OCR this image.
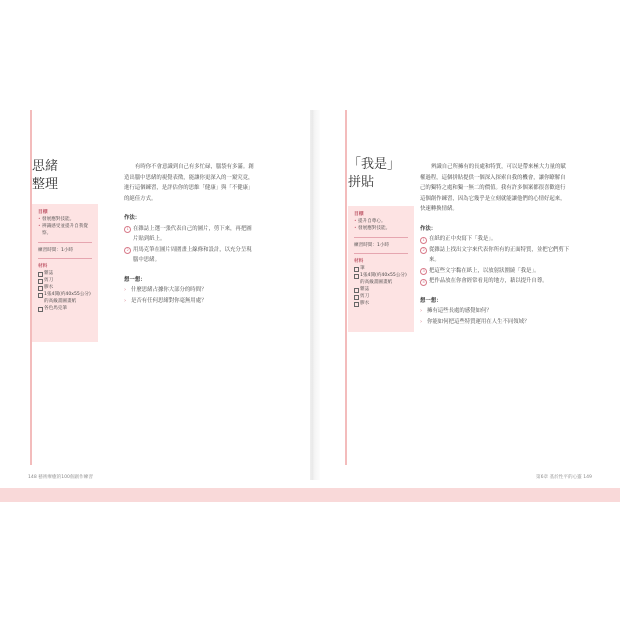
思緒
整理
目標
• 發展應對技能。
• 辨識感受並提升自我覺察。
練習時間：1小時
材料
雜誌
剪刀
膠水
1張4開(約40x55公分)的高級畫圖畫紙
各色馬克筆

有時你不會意識到自己有多忙碌，腦袋有多滿。創造出腦中思緒的視覺表徵，能讓你更深入的一窺究竟，進行這個練習，是評估你的思維「健康」與「不健康」的絕佳方式。

作法：
1 在雜誌上選一張代表自己的圖片，剪下來，再把圖片貼到紙上。
2 用馬克筆在圖片周圍畫上線條和設計，以充分呈現腦中思緒。
想一想：
› 什麼思緒占據你大部分的時間？
› 是否有任何思緒對你毫無用處？
「我是」
拼貼
目標
• 提升自尊心。
• 發展應對技能。
練習時間：1小時
材料
筆
1張4開(約40x55公分)的高級畫圖畫紙
雜誌
剪刀
膠水

辨識自己所擁有的長處和特質，可以是帶來極大力量的賦權過程，這個拼貼提供一個深入探索自我的機會，讓你瞭解自己的獨特之處和獨一無二的價值。我有許多個案都很喜歡進行這個創作練習，因為它幾乎是立刻就能讓他們的心情好起來，快速轉換情緒。

作法：
1 在紙的正中央寫下「我是」。
2 從雜誌上找出文字來代表你所有的正面特質，並把它們剪下來。
3 把這些文字黏在紙上，以放射狀圍繞「我是」。
4 把作品放在你會經常看見的地方，藉以提升自尊。
想一想：
› 擁有這些長處的感覺如何？
› 你能如何把這些特質運用在人生不同領域？
148 藝術療癒的100個創作練習	第6章 基於性平的心靈 149
